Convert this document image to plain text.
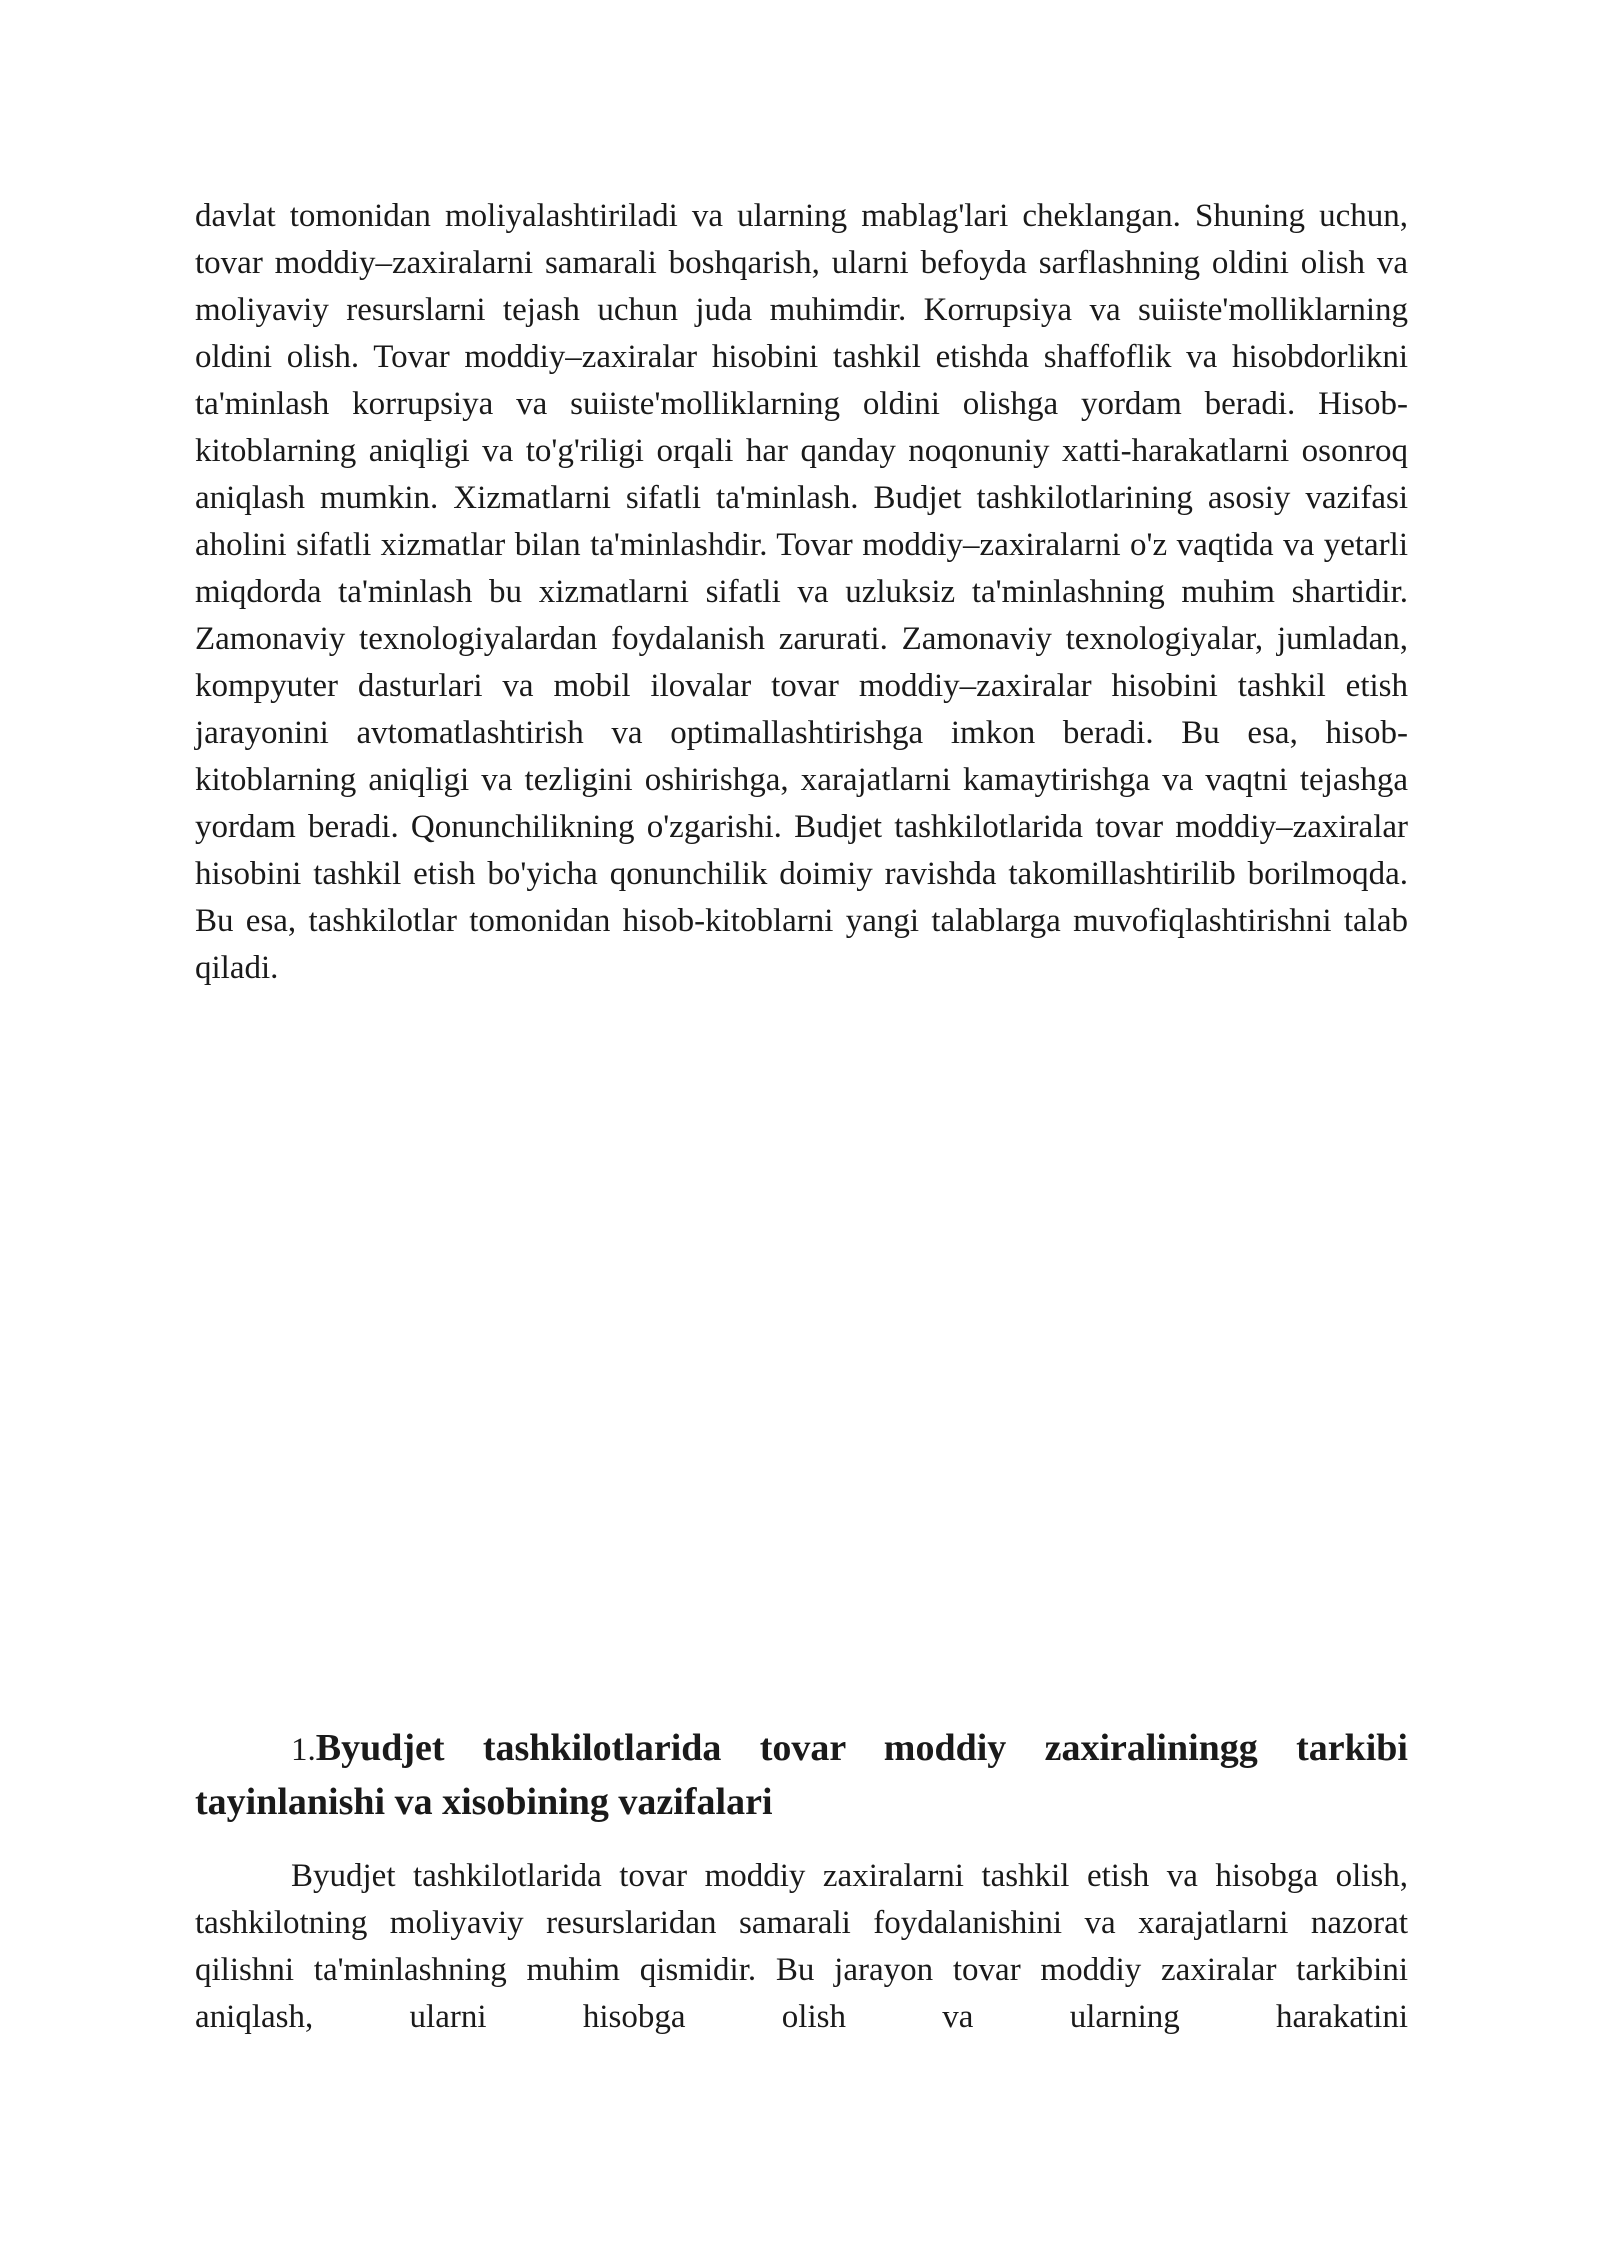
davlat tomonidan moliyalashtiriladi va ularning mablag'lari cheklangan. Shuning uchun, tovar moddiy–zaxiralarni samarali boshqarish, ularni befoyda sarflashning oldini olish va moliyaviy resurslarni tejash uchun juda muhimdir. Korrupsiya va suiiste'molliklarning oldini olish. Tovar moddiy–zaxiralar hisobini tashkil etishda shaffoflik va hisobdorlikni ta'minlash korrupsiya va suiiste'molliklarning oldini olishga yordam beradi. Hisob-kitoblarning aniqligi va to'g'riligi orqali har qanday noqonuniy xatti-harakatlarni osonroq aniqlash mumkin. Xizmatlarni sifatli ta'minlash. Budjet tashkilotlarining asosiy vazifasi aholini sifatli xizmatlar bilan ta'minlashdir. Tovar moddiy–zaxiralarni o'z vaqtida va yetarli miqdorda ta'minlash bu xizmatlarni sifatli va uzluksiz ta'minlashning muhim shartidir. Zamonaviy texnologiyalardan foydalanish zarurati. Zamonaviy texnologiyalar, jumladan, kompyuter dasturlari va mobil ilovalar tovar moddiy–zaxiralar hisobini tashkil etish jarayonini avtomatlashtirish va optimallashtirishga imkon beradi. Bu esa, hisob-kitoblarning aniqligi va tezligini oshirishga, xarajatlarni kamaytirishga va vaqtni tejashga yordam beradi. Qonunchilikning o'zgarishi. Budjet tashkilotlarida tovar moddiy–zaxiralar hisobini tashkil etish bo'yicha qonunchilik doimiy ravishda takomillashtirilib borilmoqda. Bu esa, tashkilotlar tomonidan hisob-kitoblarni yangi talablarga muvofiqlashtirishni talab qiladi.

1.Byudjet tashkilotlarida tovar moddiy zaxiraliningg tarkibi tayinlanishi va xisobining vazifalari

Byudjet tashkilotlarida tovar moddiy zaxiralarni tashkil etish va hisobga olish, tashkilotning moliyaviy resurslaridan samarali foydalanishini va xarajatlarni nazorat qilishni ta'minlashning muhim qismidir. Bu jarayon tovar moddiy zaxiralar tarkibini aniqlash, ularni hisobga olish va ularning harakatini
